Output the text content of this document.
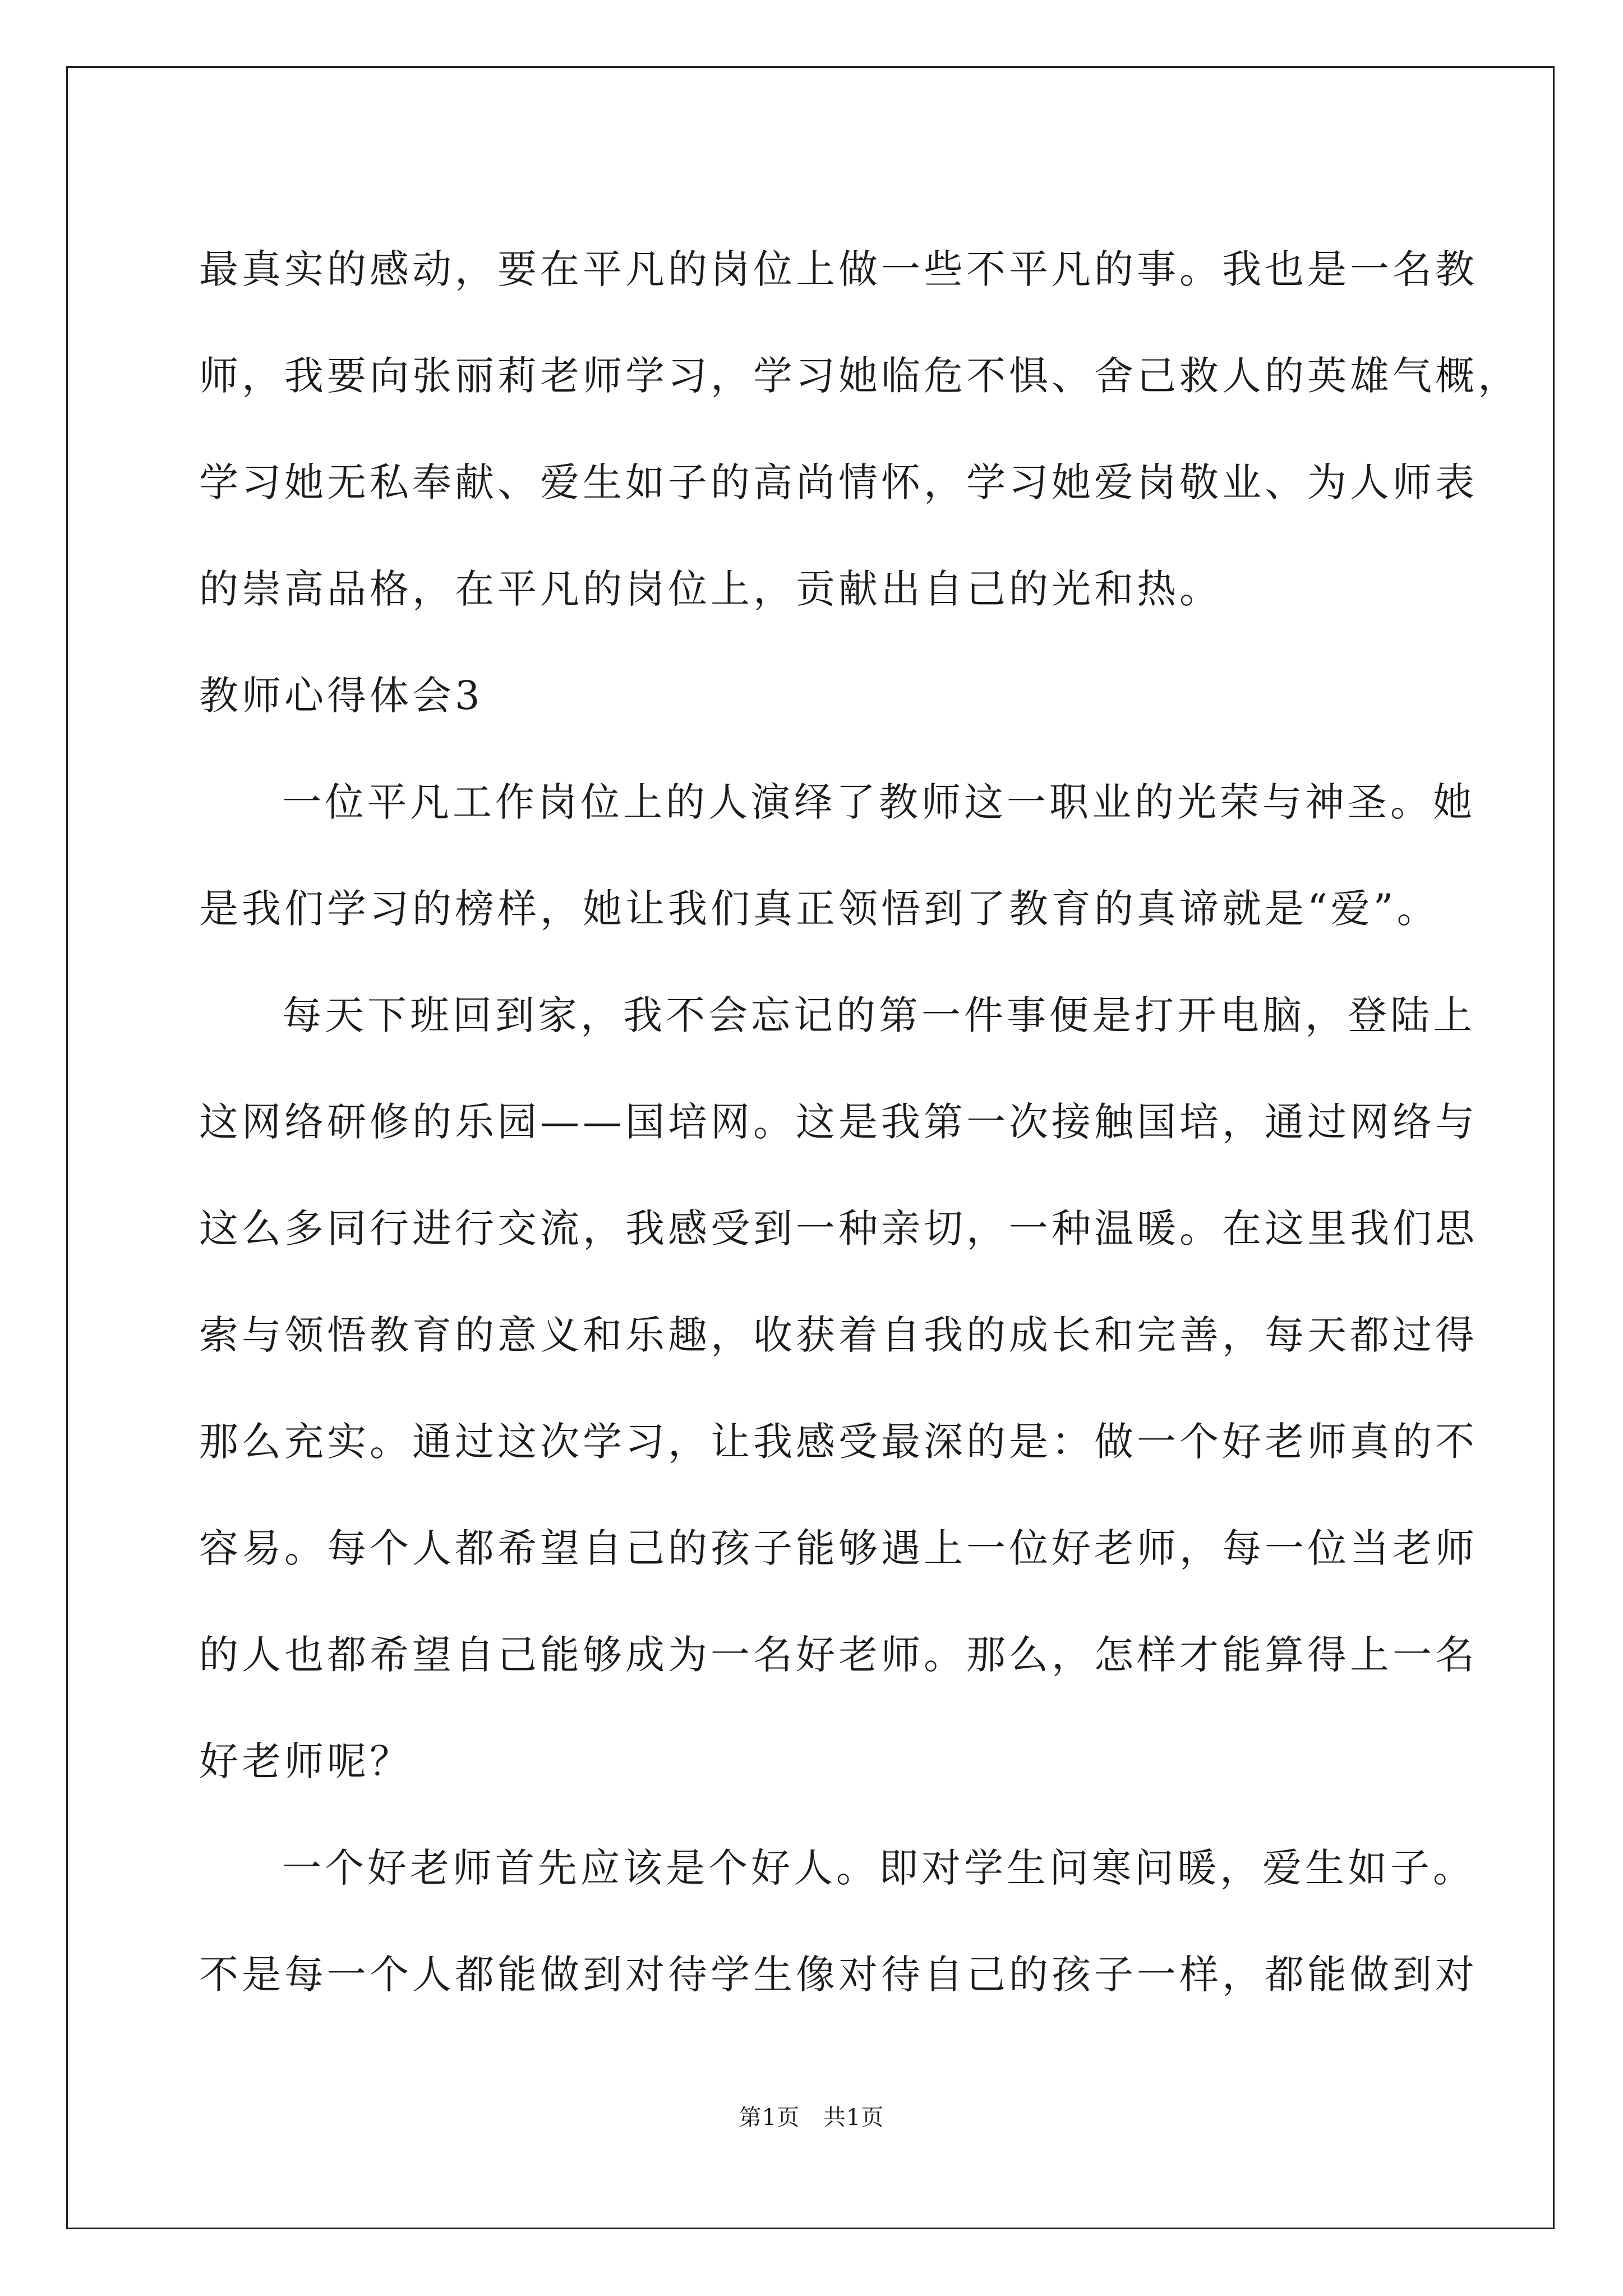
最真实的感动，要在平凡的岗位上做一些不平凡的事。我也是一名教
师，我要向张丽莉老师学习，学习她临危不惧、舍己救人的英雄气概，
学习她无私奉献、爱生如子的高尚情怀，学习她爱岗敬业、为人师表
的崇高品格，在平凡的岗位上，贡献出自己的光和热。
教师心得体会3
一位平凡工作岗位上的人演绎了教师这一职业的光荣与神圣。她
是我们学习的榜样，她让我们真正领悟到了教育的真谛就是“爱”。
每天下班回到家，我不会忘记的第一件事便是打开电脑，登陆上
这网络研修的乐园——国培网。这是我第一次接触国培，通过网络与
这么多同行进行交流，我感受到一种亲切，一种温暖。在这里我们思
索与领悟教育的意义和乐趣，收获着自我的成长和完善，每天都过得
那么充实。通过这次学习，让我感受最深的是：做一个好老师真的不
容易。每个人都希望自己的孩子能够遇上一位好老师，每一位当老师
的人也都希望自己能够成为一名好老师。那么，怎样才能算得上一名
好老师呢？
一个好老师首先应该是个好人。即对学生问寒问暖，爱生如子。
不是每一个人都能做到对待学生像对待自己的孩子一样，都能做到对
第1页 共1页
